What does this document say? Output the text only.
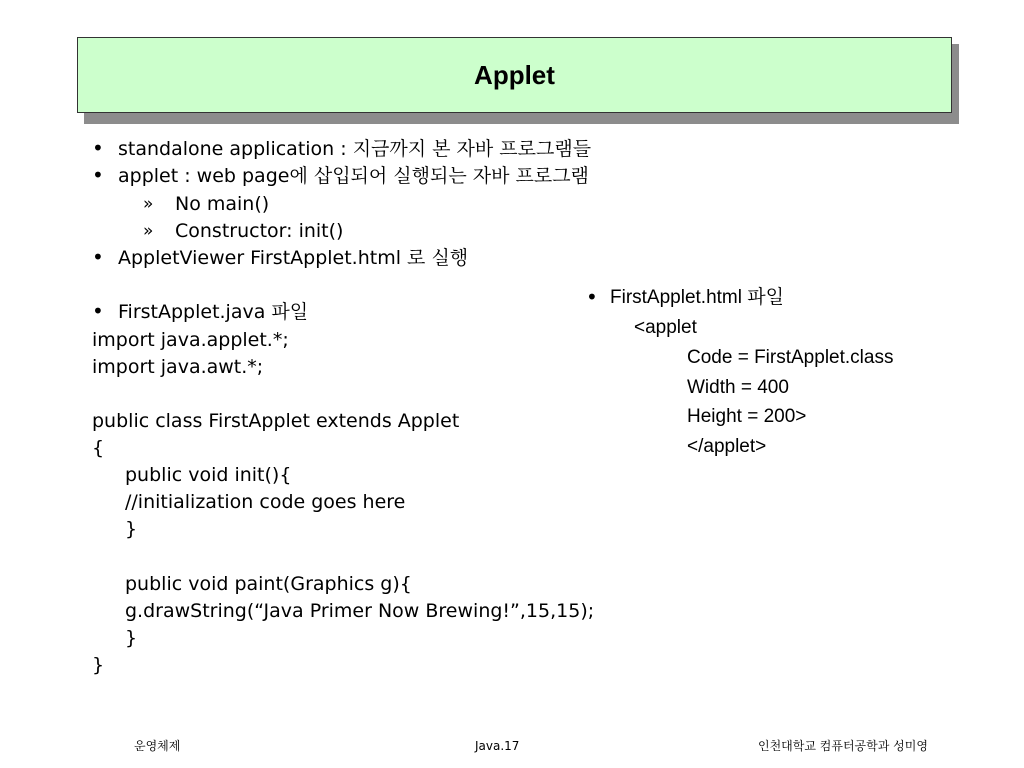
Applet
• standalone application : 지금까지 본 자바 프로그램들
• applet : web page에 삽입되어 실행되는 자바 프로그램
» No main()
» Constructor: init()
• AppletViewer FirstApplet.html 로 실행
• FirstApplet.java 파일
import java.applet.*;
import java.awt.*;
public class FirstApplet extends Applet
{
public void init(){
//initialization code goes here
}
public void paint(Graphics g){
g.drawString(“Java Primer Now Brewing!”,15,15);
}
}
• FirstApplet.html 파일
<applet
Code = FirstApplet.class
Width = 400
Height = 200>
</applet>
운영체제	Java.17	인천대학교 컴퓨터공학과 성미영
